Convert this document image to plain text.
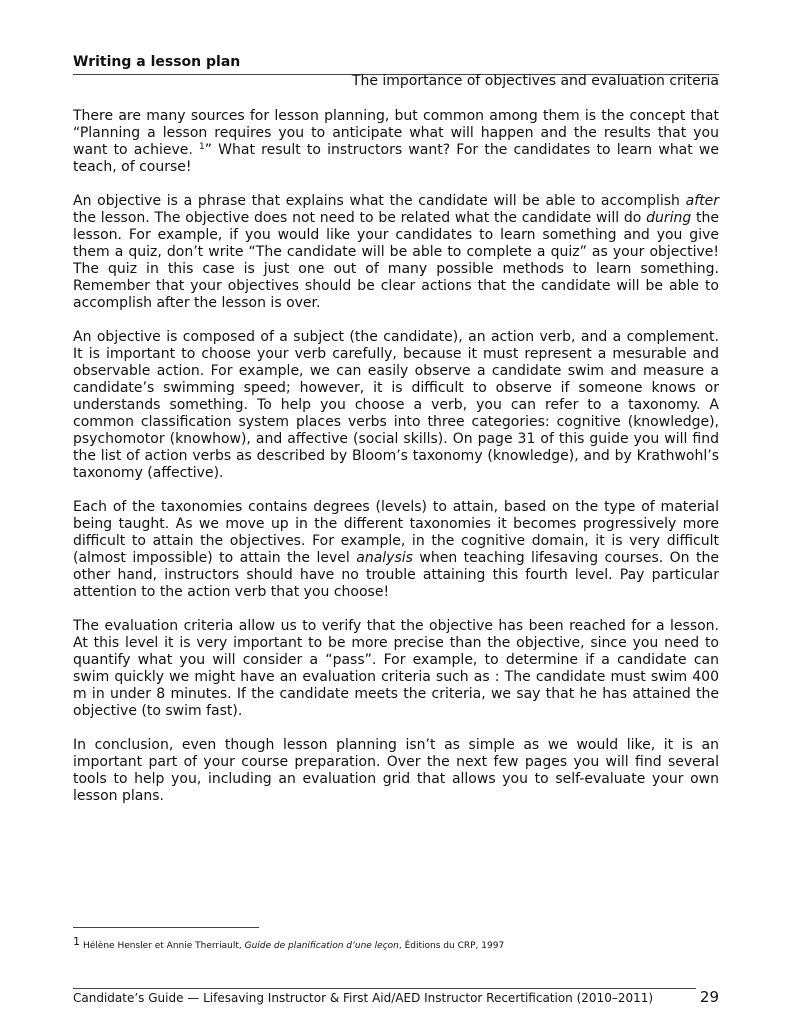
Writing a lesson plan
The importance of objectives and evaluation criteria

There are many sources for lesson planning, but common among them is the concept that “Planning a lesson requires you to anticipate what will happen and the results that you want to achieve. $^1$” What result to instructors want? For the candidates to learn what we teach, of course!

An objective is a phrase that explains what the candidate will be able to accomplish after the lesson. The objective does not need to be related what the candidate will do during the lesson. For example, if you would like your candidates to learn something and you give them a quiz, don’t write “The candidate will be able to complete a quiz” as your objective! The quiz in this case is just one out of many possible methods to learn something. Remember that your objectives should be clear actions that the candidate will be able to accomplish after the lesson is over.

An objective is composed of a subject (the candidate), an action verb, and a complement. It is important to choose your verb carefully, because it must represent a mesurable and observable action. For example, we can easily observe a candidate swim and measure a candidate’s swimming speed; however, it is difficult to observe if someone knows or understands something. To help you choose a verb, you can refer to a taxonomy. A common classification system places verbs into three categories: cognitive (knowledge), psychomotor (knowhow), and affective (social skills). On page 31 of this guide you will find the list of action verbs as described by Bloom’s taxonomy (knowledge), and by Krathwohl’s taxonomy (affective).

Each of the taxonomies contains degrees (levels) to attain, based on the type of material being taught. As we move up in the different taxonomies it becomes progressively more difficult to attain the objectives. For example, in the cognitive domain, it is very difficult (almost impossible) to attain the level analysis when teaching lifesaving courses. On the other hand, instructors should have no trouble attaining this fourth level. Pay particular attention to the action verb that you choose!

The evaluation criteria allow us to verify that the objective has been reached for a lesson. At this level it is very important to be more precise than the objective, since you need to quantify what you will consider a “pass”. For example, to determine if a candidate can swim quickly we might have an evaluation criteria such as : The candidate must swim 400 m in under 8 minutes. If the candidate meets the criteria, we say that he has attained the objective (to swim fast).

In conclusion, even though lesson planning isn’t as simple as we would like, it is an important part of your course preparation. Over the next few pages you will find several tools to help you, including an evaluation grid that allows you to self-evaluate your own lesson plans.

1 Hélène Hensler et Annie Therriault, Guide de planification d’une leçon, Éditions du CRP, 1997
Candidate’s Guide — Lifesaving Instructor & First Aid/AED Instructor Recertification (2010–2011)	29
